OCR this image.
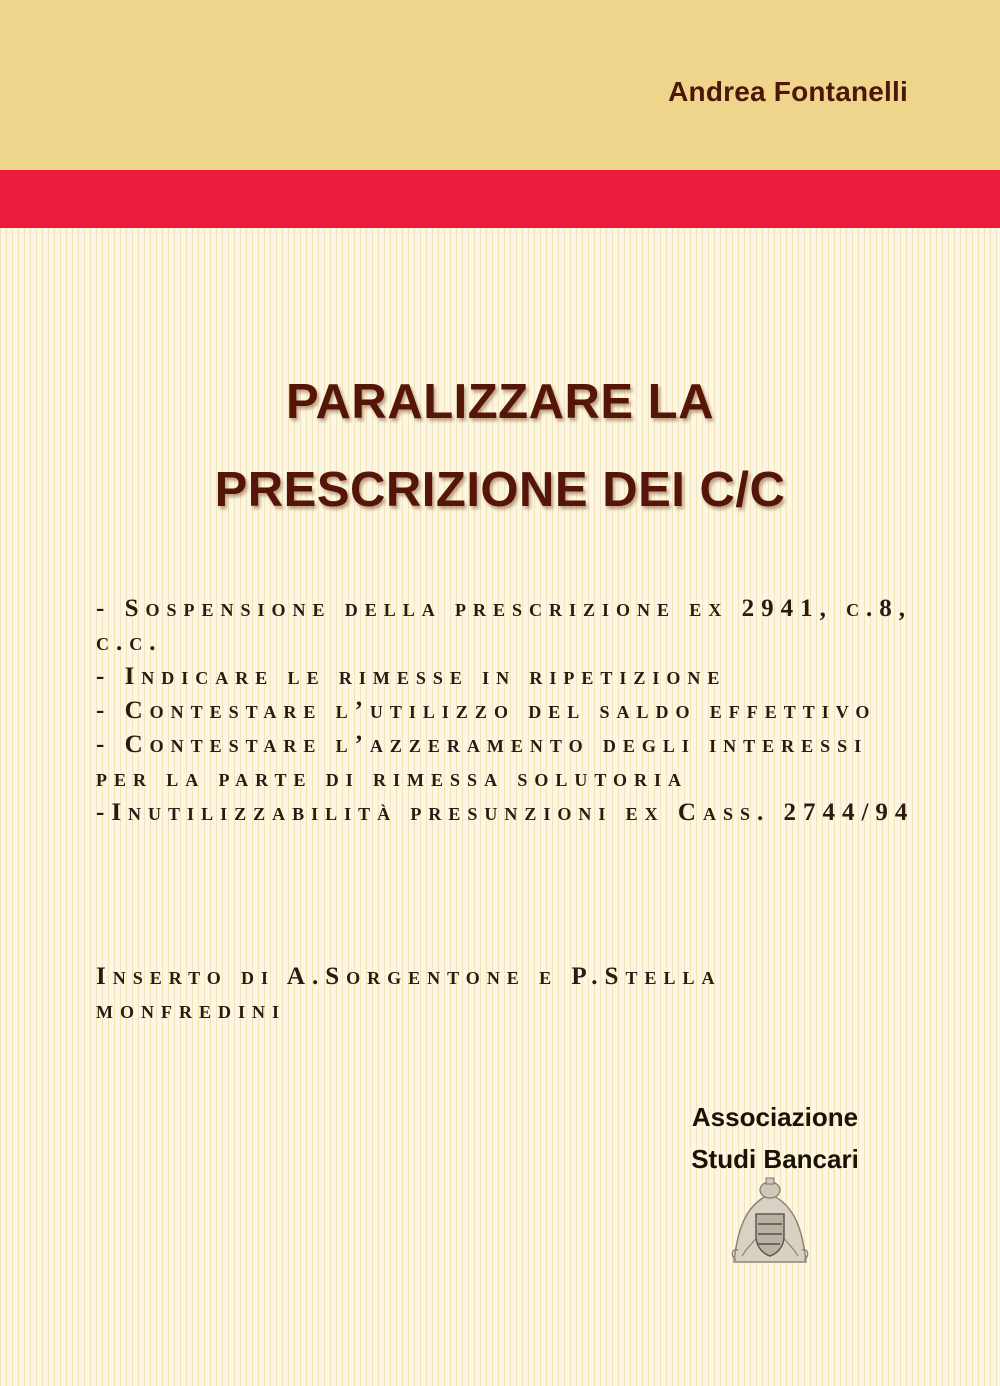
Andrea Fontanelli

PARALIZZARE LA
PRESCRIZIONE DEI C/C
- Sospensione della prescrizione ex 2941, c.8, c.c.
- Indicare le rimesse in ripetizione
- Contestare l’utilizzo del saldo effettivo
- Contestare l’azzeramento degli interessi per la parte di rimessa solutoria
-Inutilizzabilità presunzioni ex Cass. 2744/94

Inserto di A.Sorgentone e P.Stella monfredini

Associazione
Studi Bancari
